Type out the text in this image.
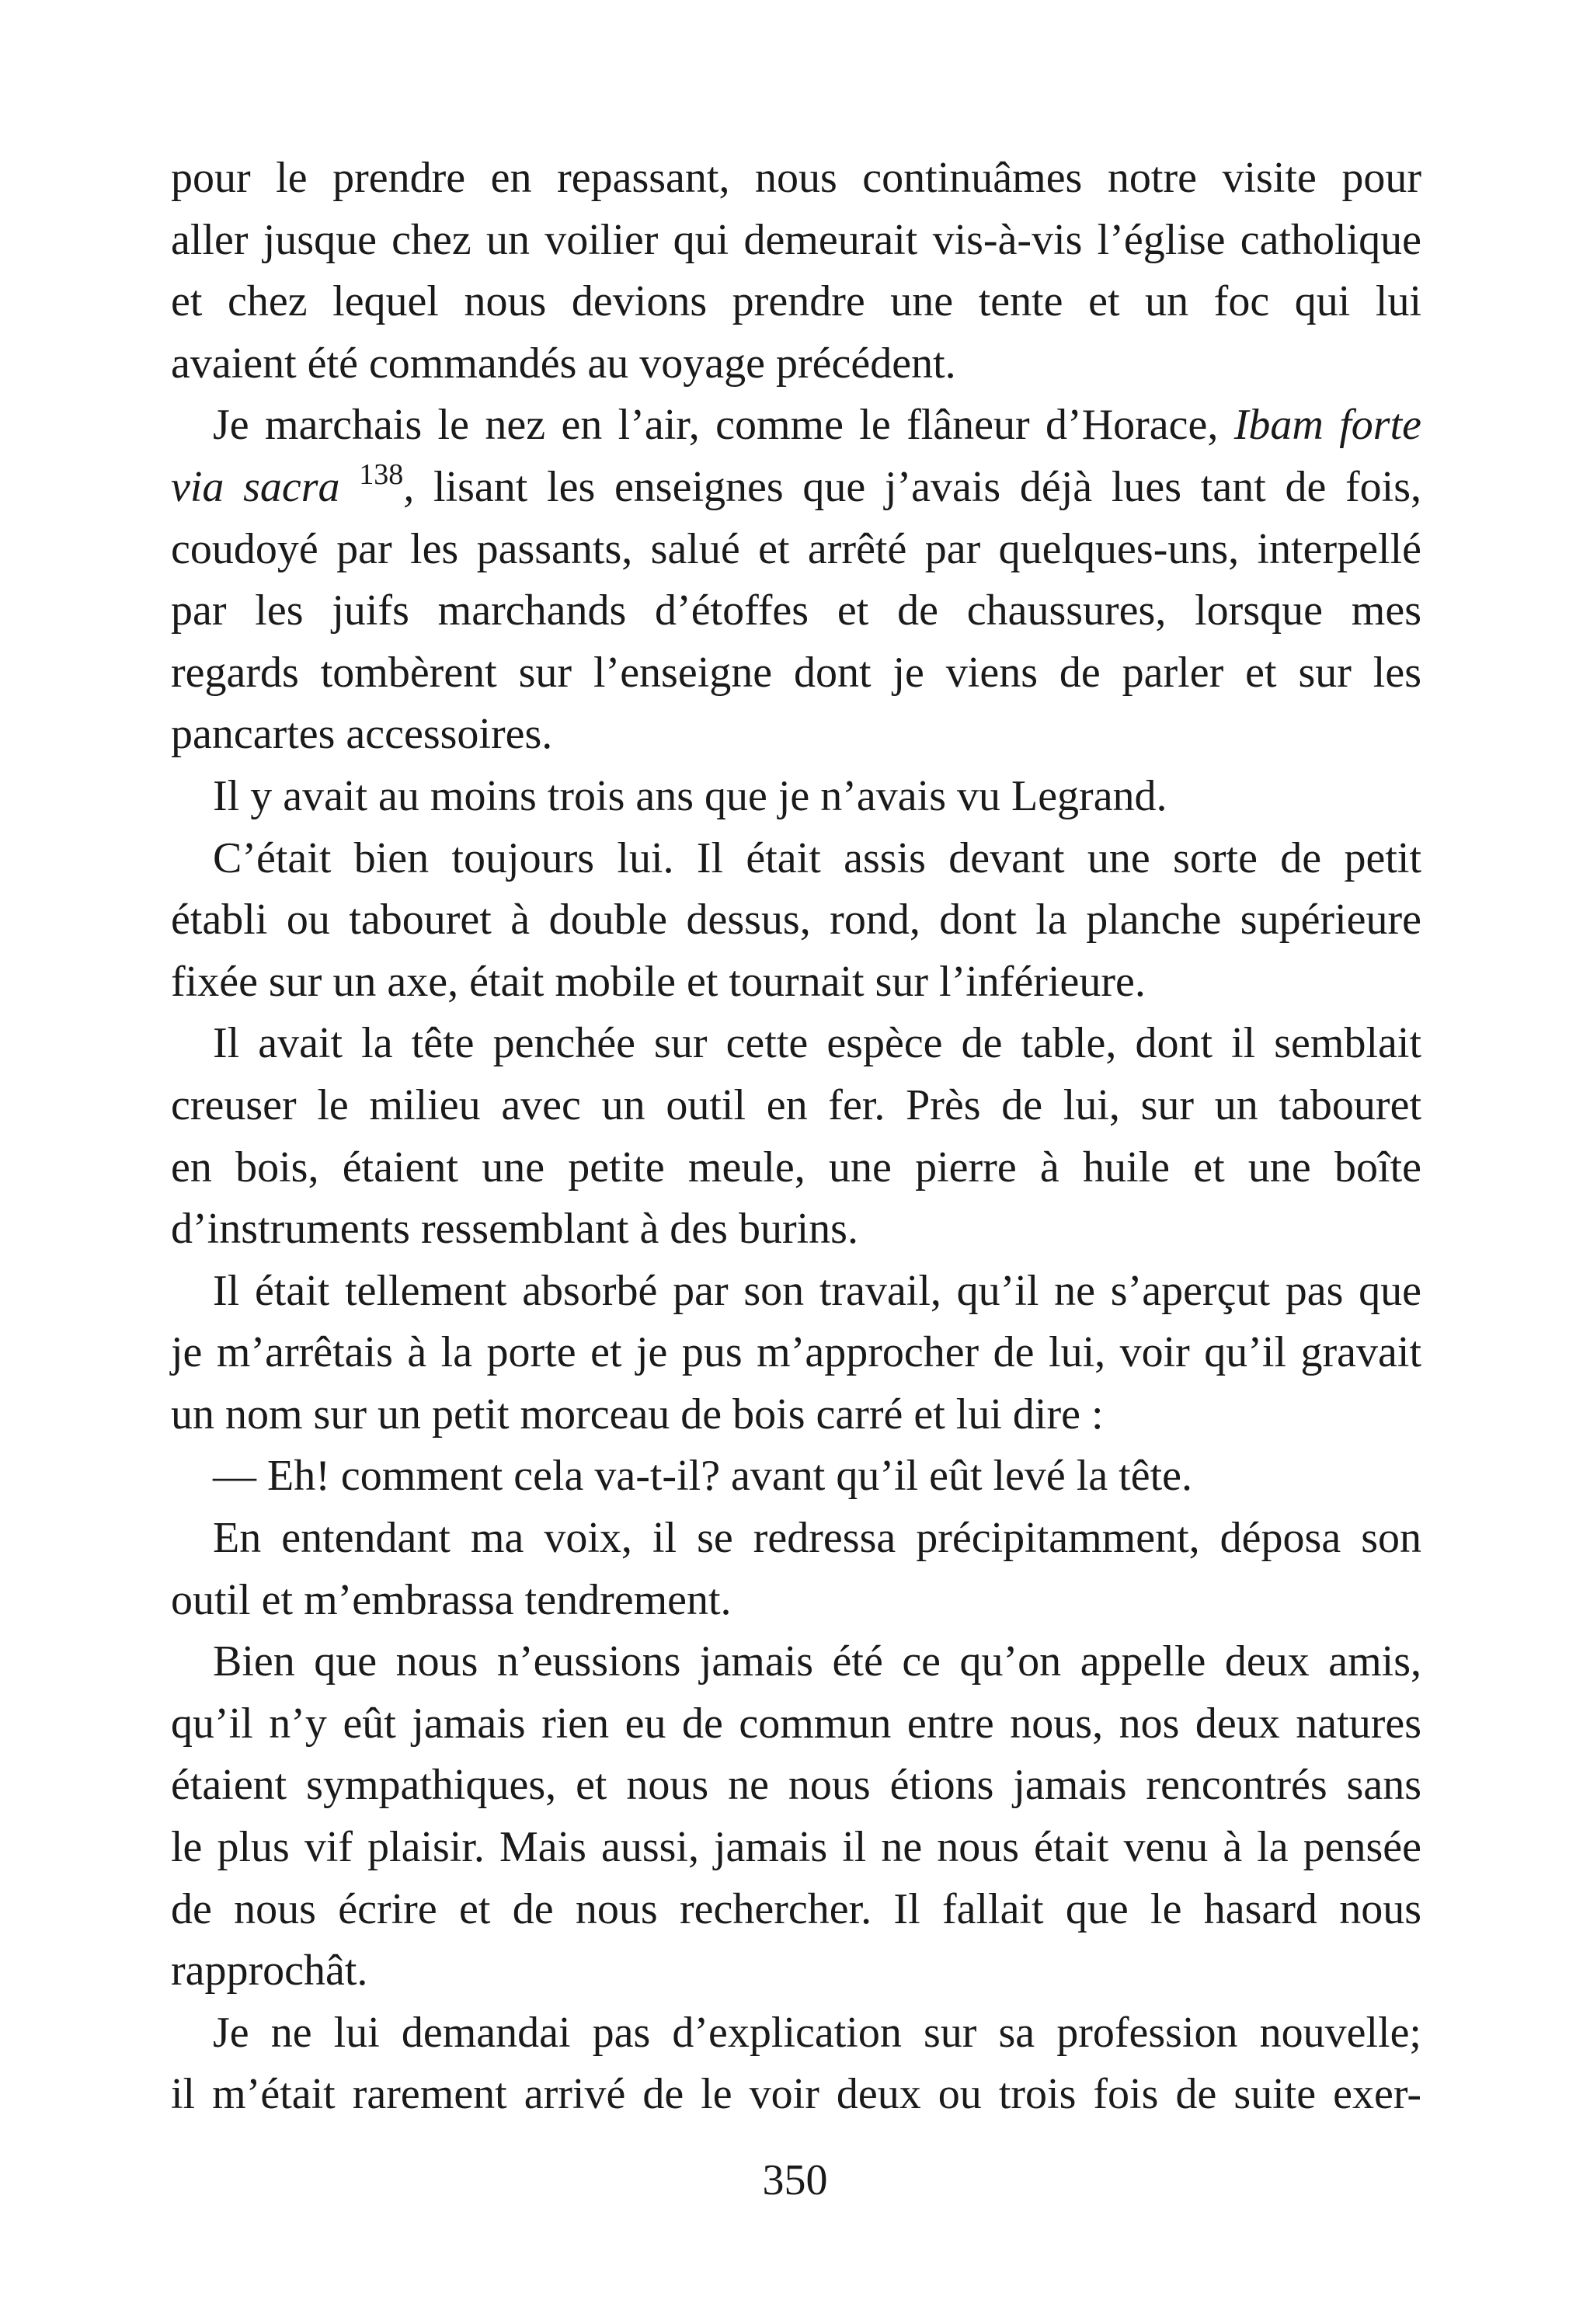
pour le prendre en repassant, nous continuâmes notre visite pour
aller jusque chez un voilier qui demeurait vis-à-vis l’église catholique
et chez lequel nous devions prendre une tente et un foc qui lui
avaient été commandés au voyage précédent.
Je marchais le nez en l’air, comme le flâneur d’Horace, Ibam forte
via sacra $^{138}$, lisant les enseignes que j’avais déjà lues tant de fois,
coudoyé par les passants, salué et arrêté par quelques-uns, interpellé
par les juifs marchands d’étoffes et de chaussures, lorsque mes
regards tombèrent sur l’enseigne dont je viens de parler et sur les
pancartes accessoires.
Il y avait au moins trois ans que je n’avais vu Legrand.
C’était bien toujours lui. Il était assis devant une sorte de petit
établi ou tabouret à double dessus, rond, dont la planche supérieure
fixée sur un axe, était mobile et tournait sur l’inférieure.
Il avait la tête penchée sur cette espèce de table, dont il semblait
creuser le milieu avec un outil en fer. Près de lui, sur un tabouret
en bois, étaient une petite meule, une pierre à huile et une boîte
d’instruments ressemblant à des burins.
Il était tellement absorbé par son travail, qu’il ne s’aperçut pas que
je m’arrêtais à la porte et je pus m’approcher de lui, voir qu’il gravait
un nom sur un petit morceau de bois carré et lui dire :
— Eh! comment cela va-t-il? avant qu’il eût levé la tête.
En entendant ma voix, il se redressa précipitamment, déposa son
outil et m’embrassa tendrement.
Bien que nous n’eussions jamais été ce qu’on appelle deux amis,
qu’il n’y eût jamais rien eu de commun entre nous, nos deux natures
étaient sympathiques, et nous ne nous étions jamais rencontrés sans
le plus vif plaisir. Mais aussi, jamais il ne nous était venu à la pensée
de nous écrire et de nous rechercher. Il fallait que le hasard nous
rapprochât.
Je ne lui demandai pas d’explication sur sa profession nouvelle;
il m’était rarement arrivé de le voir deux ou trois fois de suite exer-
350
